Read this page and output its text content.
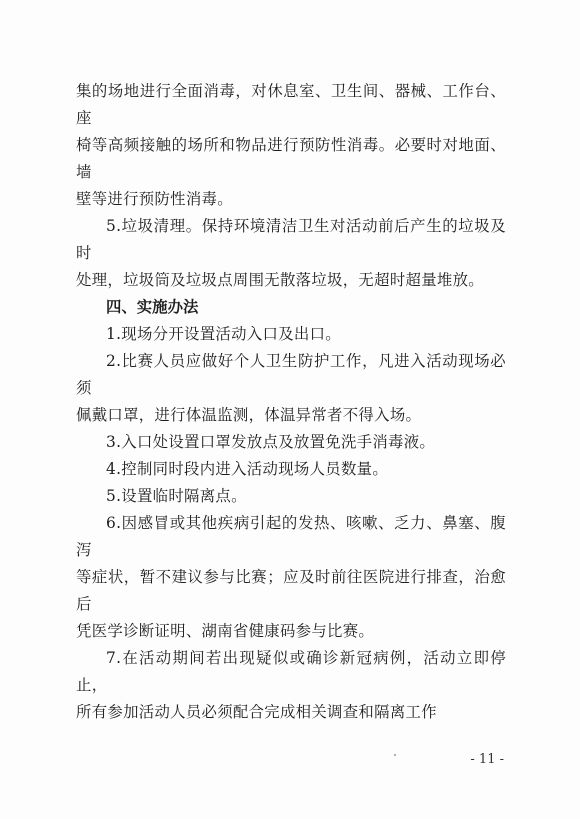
集的场地进行全面消毒，对休息室、卫生间、器械、工作台、座
椅等高频接触的场所和物品进行预防性消毒。必要时对地面、墙
壁等进行预防性消毒。

5.垃圾清理。保持环境清洁卫生对活动前后产生的垃圾及时
处理，垃圾筒及垃圾点周围无散落垃圾，无超时超量堆放。

四、实施办法

1.现场分开设置活动入口及出口。

2.比赛人员应做好个人卫生防护工作，凡进入活动现场必须
佩戴口罩，进行体温监测，体温异常者不得入场。

3.入口处设置口罩发放点及放置免洗手消毒液。

4.控制同时段内进入活动现场人员数量。

5.设置临时隔离点。

6.因感冒或其他疾病引起的发热、咳嗽、乏力、鼻塞、腹泻
等症状，暂不建议参与比赛；应及时前往医院进行排查，治愈后
凭医学诊断证明、湖南省健康码参与比赛。

7.在活动期间若出现疑似或确诊新冠病例，活动立即停止，
所有参加活动人员必须配合完成相关调查和隔离工作

- 11 -
